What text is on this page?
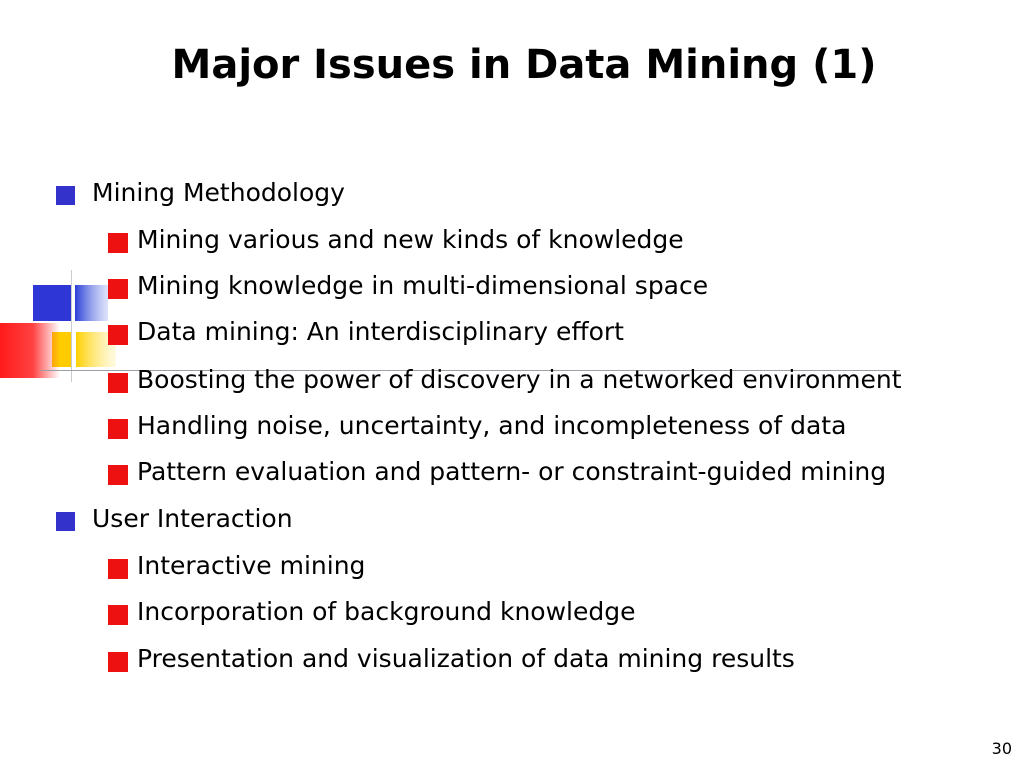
Major Issues in Data Mining (1)
Mining Methodology
Mining various and new kinds of knowledge
Mining knowledge in multi-dimensional space
Data mining: An interdisciplinary effort
Boosting the power of discovery in a networked environment
Handling noise, uncertainty, and incompleteness of data
Pattern evaluation and pattern- or constraint-guided mining
User Interaction
Interactive mining
Incorporation of background knowledge
Presentation and visualization of data mining results
30
